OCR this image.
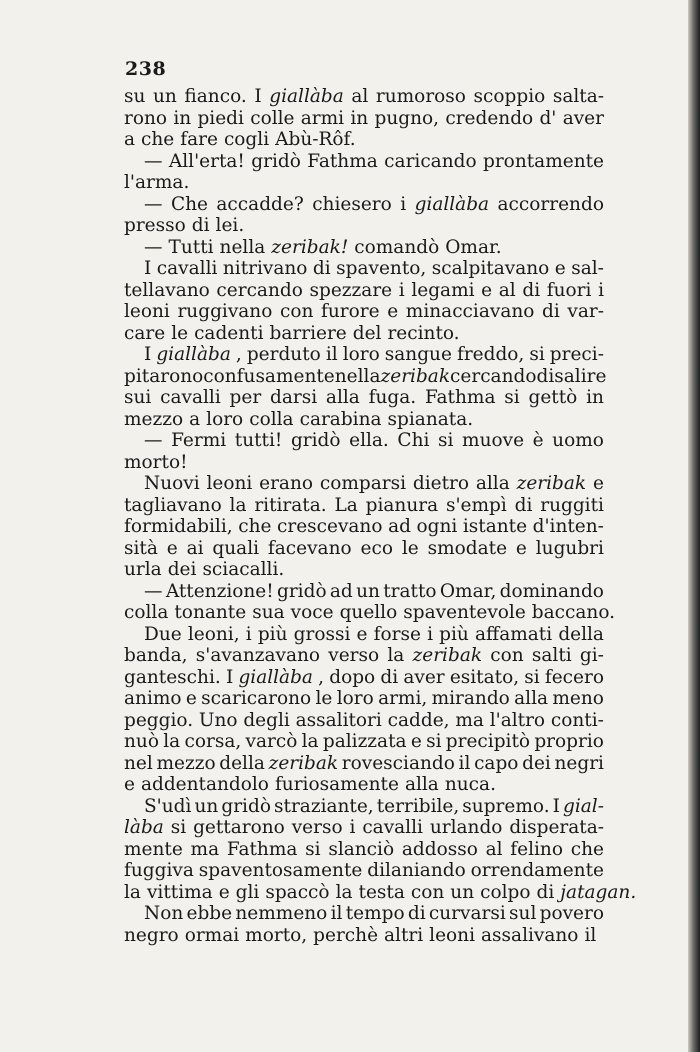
238
su un fianco. I giallàba al rumoroso scoppio salta-
rono in piedi colle armi in pugno, credendo d' aver
a che fare cogli Abù-Rôf.
— All'erta! gridò Fathma caricando prontamente
l'arma.
— Che accadde? chiesero i giallàba accorrendo
presso di lei.
— Tutti nella zeribak! comandò Omar.
I cavalli nitrivano di spavento, scalpitavano e sal-
tellavano cercando spezzare i legami e al di fuori i
leoni ruggivano con furore e minacciavano di var-
care le cadenti barriere del recinto.
I giallàba , perduto il loro sangue freddo, si preci-
pitarono confusamente nella zeribak cercando di salire
sui cavalli per darsi alla fuga. Fathma si gettò in
mezzo a loro colla carabina spianata.
— Fermi tutti! gridò ella. Chi si muove è uomo
morto!
Nuovi leoni erano comparsi dietro alla zeribak e
tagliavano la ritirata. La pianura s'empì di ruggiti
formidabili, che crescevano ad ogni istante d'inten-
sità e ai quali facevano eco le smodate e lugubri
urla dei sciacalli.
— Attenzione! gridò ad un tratto Omar, dominando
colla tonante sua voce quello spaventevole baccano.
Due leoni, i più grossi e forse i più affamati della
banda, s'avanzavano verso la zeribak con salti gi-
ganteschi. I giallàba , dopo di aver esitato, si fecero
animo e scaricarono le loro armi, mirando alla meno
peggio. Uno degli assalitori cadde, ma l'altro conti-
nuò la corsa, varcò la palizzata e si precipitò proprio
nel mezzo della zeribak rovesciando il capo dei negri
e addentandolo furiosamente alla nuca.
S'udì un gridò straziante, terribile, supremo. I gial-
làba si gettarono verso i cavalli urlando disperata-
mente ma Fathma si slanciò addosso al felino che
fuggiva spaventosamente dilaniando orrendamente
la vittima e gli spaccò la testa con un colpo di jatagan.
Non ebbe nemmeno il tempo di curvarsi sul povero
negro ormai morto, perchè altri leoni assalivano il
